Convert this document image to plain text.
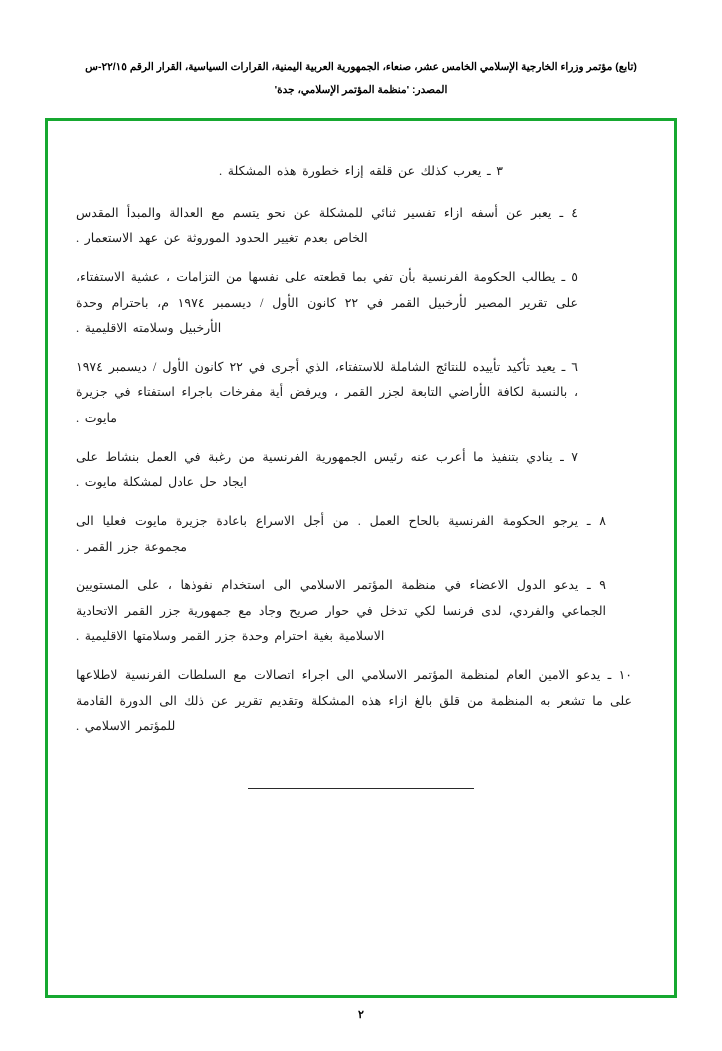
(تابع) مؤتمر وزراء الخارجية الإسلامي الخامس عشر، صنعاء، الجمهورية العربية اليمنية، القرارات السياسية، القرار الرقم ٢٢/١٥-س
المصدر: 'منظمة المؤتمر الإسلامي، جدة'
٣ ـ يعرب كذلك عن قلقه إزاء خطورة هذه المشكلة .
٤ ـ يعبر عن أسفه ازاء تفسير ثنائي للمشكلة عن نحو يتسم مع العدالة والمبدأ المقدس الخاص بعدم تغيير الحدود الموروثة عن عهد الاستعمار .
٥ ـ يطالب الحكومة الفرنسية بأن تفي بما قطعته على نفسها من التزامات ، عشية الاستفتاء، على تقرير المصير لأرخبيل القمر في ٢٢ كانون الأول / ديسمبر ١٩٧٤ م، باحترام وحدة الأرخبيل وسلامته الاقليمية .
٦ ـ يعيد تأكيد تأييده للنتائج الشاملة للاستفتاء، الذي أجرى في ٢٢ كانون الأول / ديسمبر ١٩٧٤ ، بالنسبة لكافة الأراضي التابعة لجزر القمر ، ويرفض أية مفرخات باجراء استفتاء في جزيرة مايوت .
٧ ـ ينادي بتنفيذ ما أعرب عنه رئيس الجمهورية الفرنسية من رغبة في العمل بنشاط على ايجاد حل عادل لمشكلة مايوت .
٨ ـ يرجو الحكومة الفرنسية بالحاح العمل . من أجل الاسراع باعادة جزيرة مايوت فعليا الى مجموعة جزر القمر .
٩ ـ يدعو الدول الاعضاء في منظمة المؤتمر الاسلامي الى استخدام نفوذها ، على المستويين الجماعي والفردي، لدى فرنسا لكي تدخل في حوار صريح وجاد مع جمهورية جزر القمر الاتحادية الاسلامية بغية احترام وحدة جزر القمر وسلامتها الاقليمية .
١٠ ـ يدعو الامين العام لمنظمة المؤتمر الاسلامي الى اجراء اتصالات مع السلطات الفرنسية لاطلاعها على ما تشعر به المنظمة من قلق بالغ ازاء هذه المشكلة وتقديم تقرير عن ذلك الى الدورة القادمة للمؤتمر الاسلامي .
٢
